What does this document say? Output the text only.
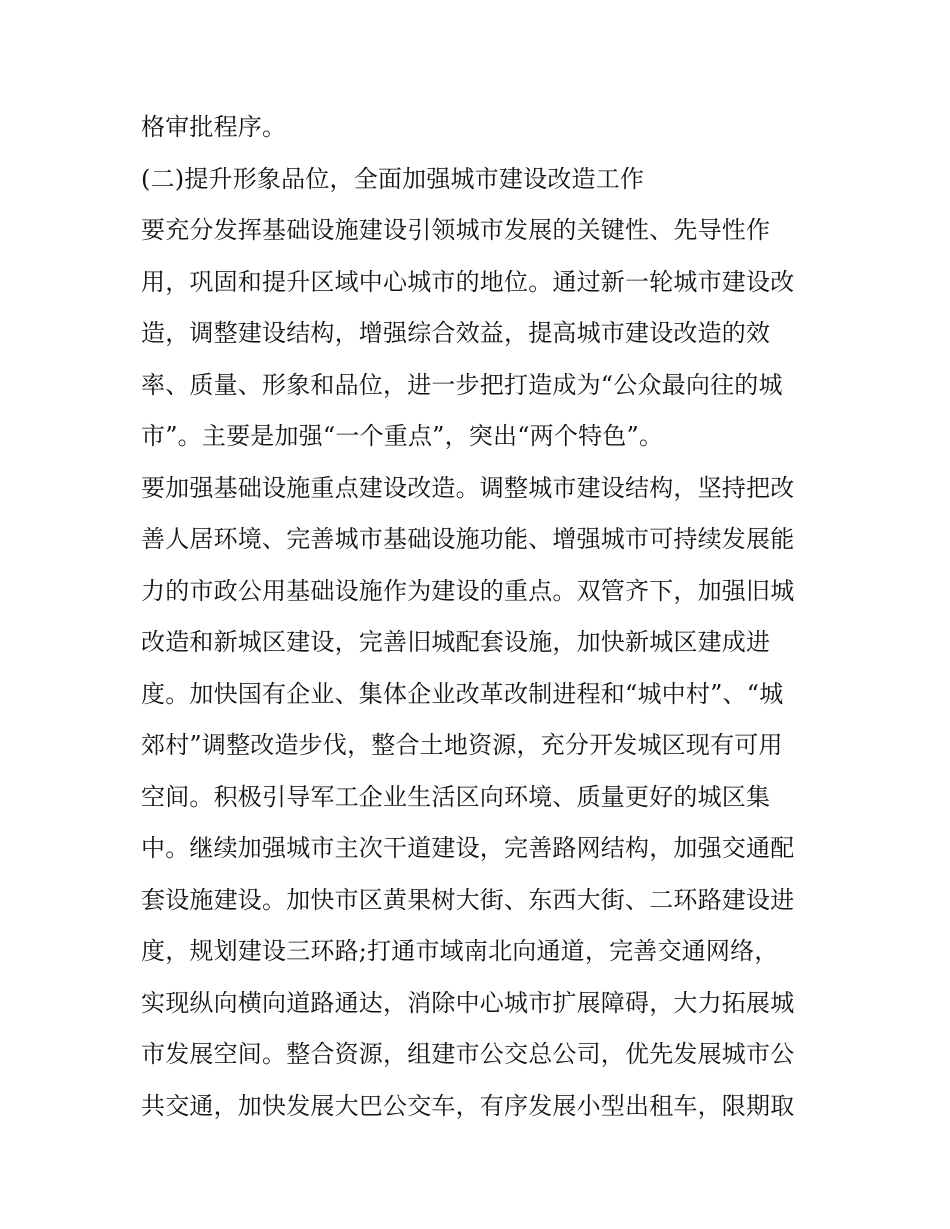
格审批程序。
(二)提升形象品位，全面加强城市建设改造工作
要充分发挥基础设施建设引领城市发展的关键性、先导性作
用，巩固和提升区域中心城市的地位。通过新一轮城市建设改
造，调整建设结构，增强综合效益，提高城市建设改造的效
率、质量、形象和品位，进一步把打造成为“公众最向往的城
市”。主要是加强“一个重点”，突出“两个特色”。
要加强基础设施重点建设改造。调整城市建设结构，坚持把改
善人居环境、完善城市基础设施功能、增强城市可持续发展能
力的市政公用基础设施作为建设的重点。双管齐下，加强旧城
改造和新城区建设，完善旧城配套设施，加快新城区建成进
度。加快国有企业、集体企业改革改制进程和“城中村”、“城
郊村”调整改造步伐，整合土地资源，充分开发城区现有可用
空间。积极引导军工企业生活区向环境、质量更好的城区集
中。继续加强城市主次干道建设，完善路网结构，加强交通配
套设施建设。加快市区黄果树大街、东西大街、二环路建设进
度，规划建设三环路;打通市域南北向通道，完善交通网络，
实现纵向横向道路通达，消除中心城市扩展障碍，大力拓展城
市发展空间。整合资源，组建市公交总公司，优先发展城市公
共交通，加快发展大巴公交车，有序发展小型出租车，限期取
